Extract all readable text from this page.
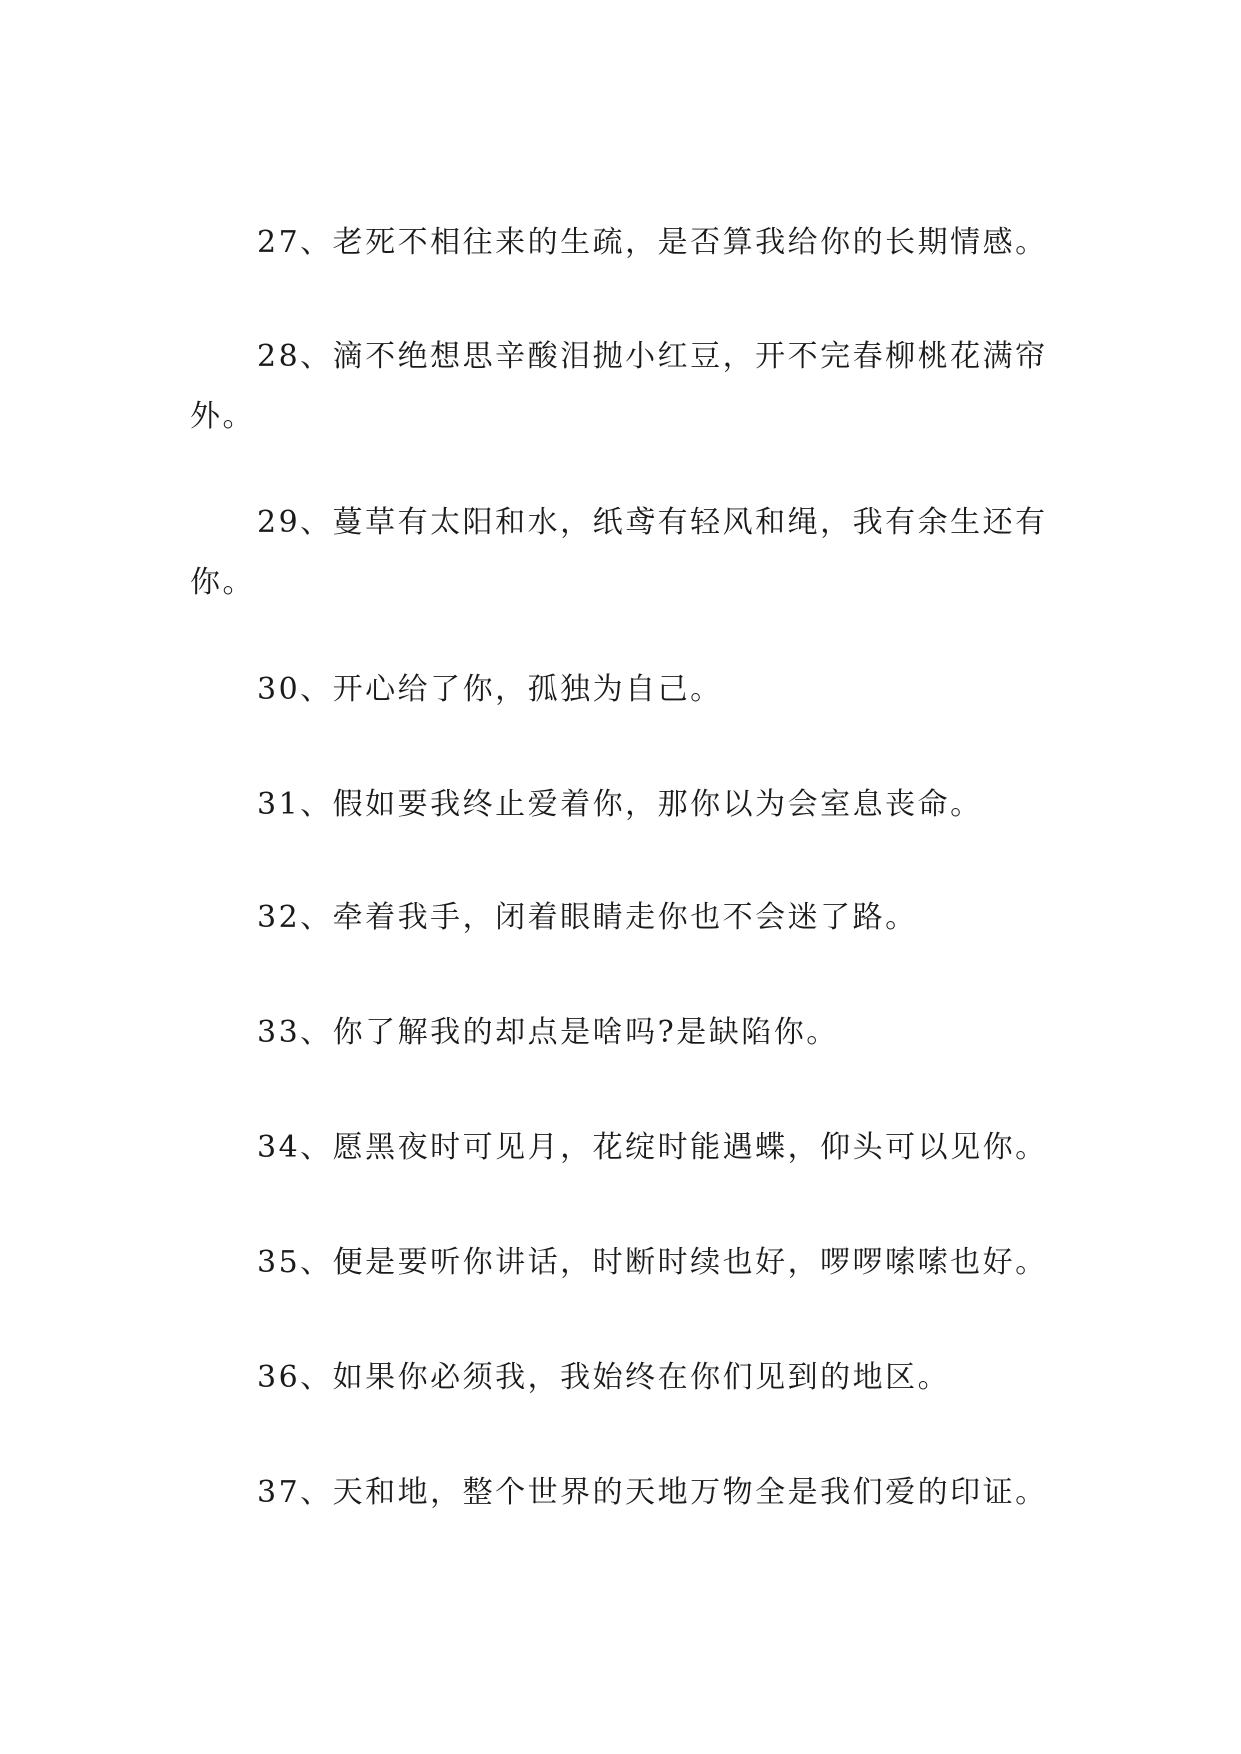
27、老死不相往来的生疏，是否算我给你的长期情感。

28、滴不绝想思辛酸泪抛小红豆，开不完春柳桃花满帘外。

29、蔓草有太阳和水，纸鸢有轻风和绳，我有余生还有你。

30、开心给了你，孤独为自己。

31、假如要我终止爱着你，那你以为会室息丧命。

32、牵着我手，闭着眼睛走你也不会迷了路。

33、你了解我的却点是啥吗?是缺陷你。

34、愿黑夜时可见月，花绽时能遇蝶，仰头可以见你。

35、便是要听你讲话，时断时续也好，啰啰嗦嗦也好。

36、如果你必须我，我始终在你们见到的地区。

37、天和地，整个世界的天地万物全是我们爱的印证。
